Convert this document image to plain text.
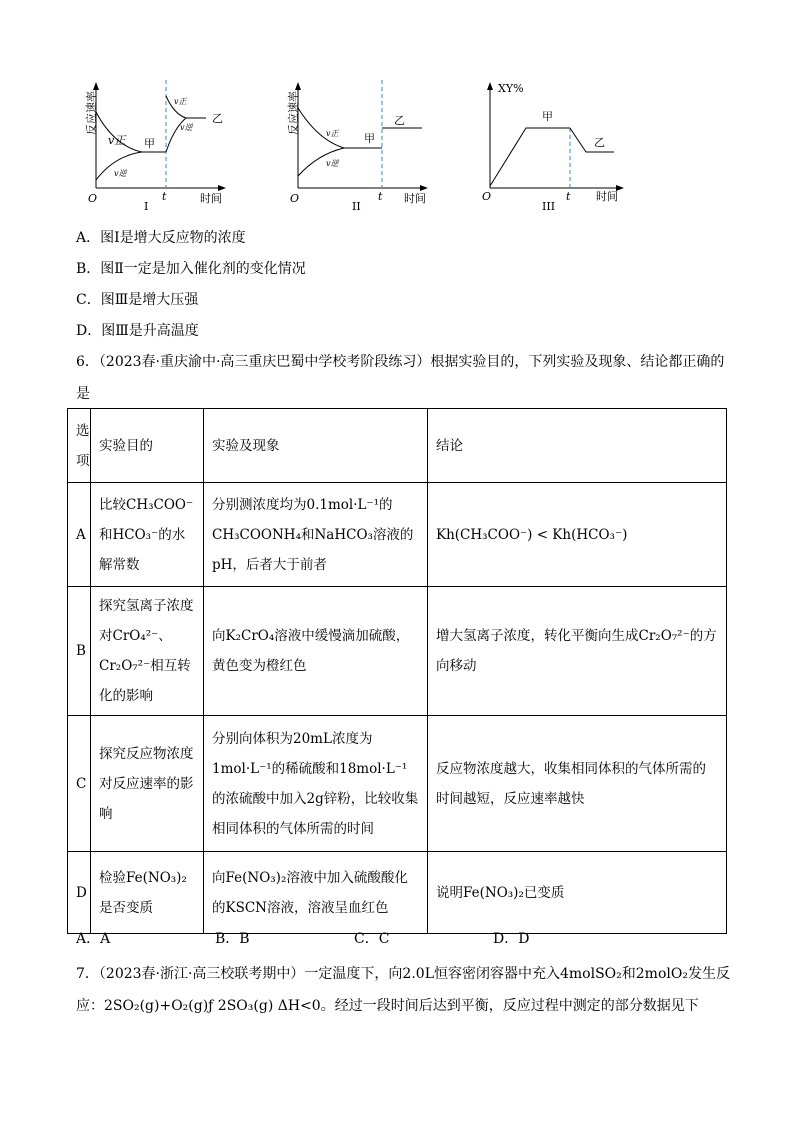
反应速率
v正
v逆
甲
v正
v逆
乙
O	t	时间
I
反应速率	v正
v逆
甲
乙
O	t 时间
II
XY%
甲
乙
O	t 时间
III
A．图Ⅰ是增大反应物的浓度
B．图Ⅱ一定是加入催化剂的变化情况
C．图Ⅲ是增大压强
D．图Ⅲ是升高温度
6．（2023春·重庆渝中·高三重庆巴蜀中学校考阶段练习）根据实验目的，下列实验及现象、结论都正确的是
选项	实验目的	实验及现象	结论
A	比较CH₃COO⁻和HCO₃⁻的水解常数	分别测浓度均为0.1mol·L⁻¹的CH₃COONH₄和NaHCO₃溶液的pH，后者大于前者	Kh(CH₃COO⁻) < Kh(HCO₃⁻)
B	探究氢离子浓度对CrO₄²⁻、Cr₂O₇²⁻相互转化的影响	向K₂CrO₄溶液中缓慢滴加硫酸，黄色变为橙红色	增大氢离子浓度，转化平衡向生成Cr₂O₇²⁻的方向移动
C	探究反应物浓度对反应速率的影响	分别向体积为20mL浓度为1mol·L⁻¹的稀硫酸和18mol·L⁻¹的浓硫酸中加入2g锌粉，比较收集相同体积的气体所需的时间	反应物浓度越大，收集相同体积的气体所需的时间越短，反应速率越快
D	检验Fe(NO₃)₂是否变质	向Fe(NO₃)₂溶液中加入硫酸酸化的KSCN溶液，溶液呈血红色	说明Fe(NO₃)₂已变质
A．A	B．B	C．C	D．D
7．（2023春·浙江·高三校联考期中）一定温度下，向2.0L恒容密闭容器中充入4molSO₂和2molO₂发生反
应：2SO₂(g)+O₂(g)ƒ 2SO₃(g) ΔH<0。经过一段时间后达到平衡，反应过程中测定的部分数据见下
